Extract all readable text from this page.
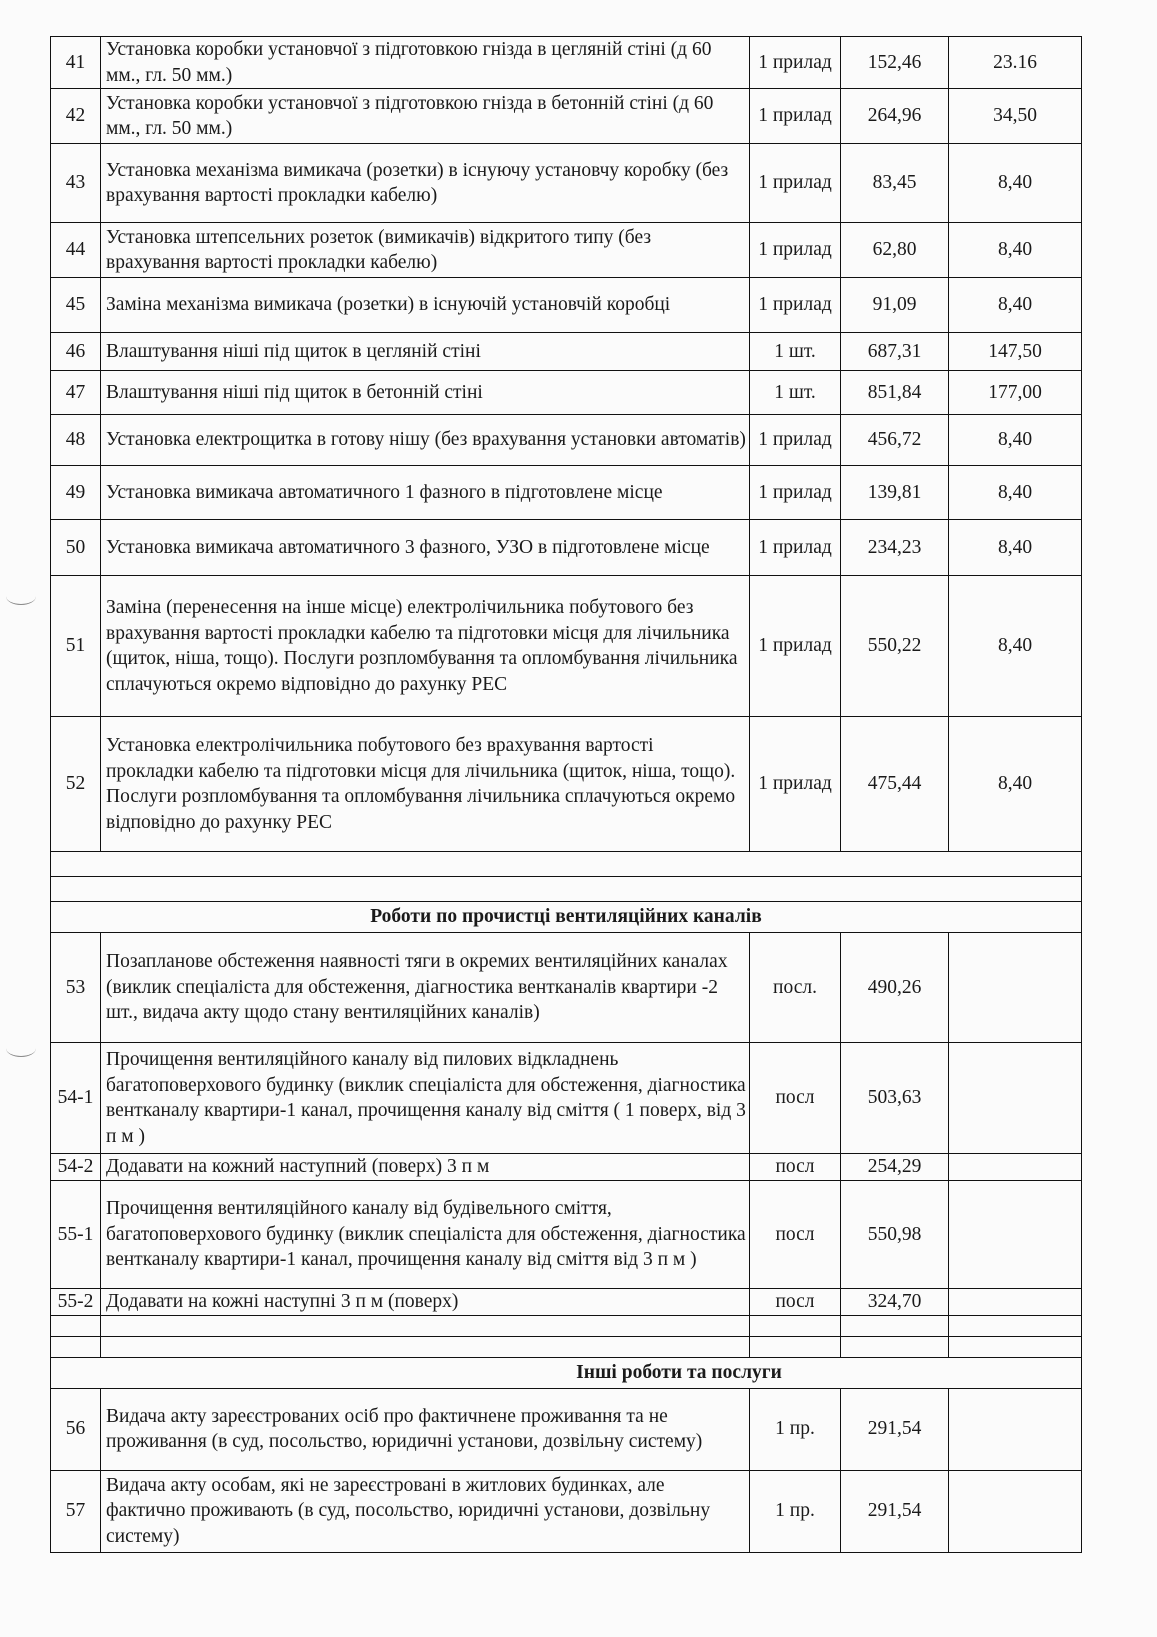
41	Установка коробки установчої з підготовкою гнізда в цегляній стіні (д 60 мм., гл. 50 мм.)	1 прилад	152,46	23.16
42	Установка коробки установчої з підготовкою гнізда в бетонній стіні (д 60 мм., гл. 50 мм.)	1 прилад	264,96	34,50
43	Установка механізма вимикача (розетки) в існуючу установчу коробку (без врахування вартості прокладки кабелю)	1 прилад	83,45	8,40
44	Установка штепсельних розеток (вимикачів) відкритого типу (без врахування вартості прокладки кабелю)	1 прилад	62,80	8,40
45	Заміна механізма вимикача (розетки) в існуючій установчій коробці	1 прилад	91,09	8,40
46	Влаштування ніші під щиток в цегляній стіні	1 шт.	687,31	147,50
47	Влаштування ніші під щиток в бетонній стіні	1 шт.	851,84	177,00
48	Установка електрощитка в готову нішу (без врахування установки автоматів)	1 прилад	456,72	8,40
49	Установка вимикача автоматичного 1 фазного в підготовлене місце	1 прилад	139,81	8,40
50	Установка вимикача автоматичного 3 фазного, УЗО в підготовлене місце	1 прилад	234,23	8,40
51	Заміна (перенесення на інше місце) електролічильника побутового без врахування вартості прокладки кабелю та підготовки місця для лічильника (щиток, ніша, тощо). Послуги розпломбування та опломбування лічильника сплачуються окремо відповідно до рахунку РЕС	1 прилад	550,22	8,40
52	Установка електролічильника побутового без врахування вартості прокладки кабелю та підготовки місця для лічильника (щиток, ніша, тощо). Послуги розпломбування та опломбування лічильника сплачуються окремо відповідно до рахунку РЕС	1 прилад	475,44	8,40

Роботи по прочистці вентиляційних каналів				
53	Позапланове обстеження наявності тяги в окремих вентиляційних каналах (виклик спеціаліста для обстеження, діагностика вентканалів квартири -2 шт., видача акту щодо стану вентиляційних каналів)	посл.	490,26	
54-1	Прочищення вентиляційного каналу від пилових відкладнень багатоповерхового будинку (виклик спеціаліста для обстеження, діагностика вентканалу квартири-1 канал, прочищення каналу від сміття ( 1 поверх, від 3 п м )	посл	503,63	
54-2	Додавати на кожний наступний (поверх) 3 п м	посл	254,29	
55-1	Прочищення вентиляційного каналу від будівельного сміття, багатоповерхового будинку (виклик спеціаліста для обстеження, діагностика вентканалу квартири-1 канал, прочищення каналу від сміття від 3 п м )	посл	550,98	
55-2	Додавати на кожні наступні 3 п м (поверх)	посл	324,70	

Інші роботи та послуги				
56	Видача акту зареєстрованих осіб про фактичнене проживання та не проживання (в суд, посольство, юридичні установи, дозвільну систему)	1 пр.	291,54	
57	Видача акту особам, які не зареєстровані в житлових будинках, але фактично проживають (в суд, посольство, юридичні установи, дозвільну систему)	1 пр.	291,54	
